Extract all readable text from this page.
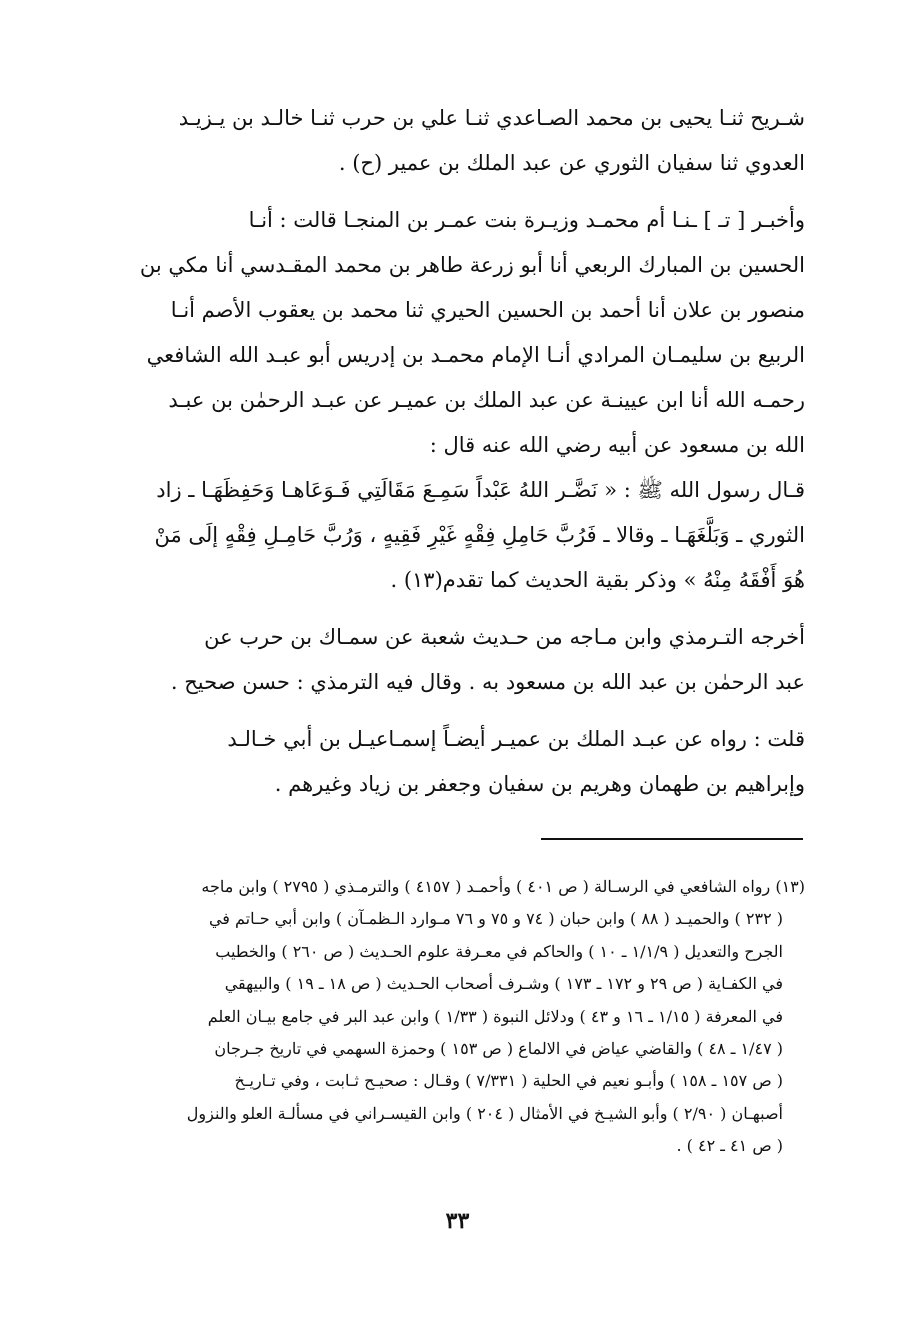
شـريح ثنـا يحيى بن محمد الصـاعدي ثنـا علي بن حرب ثنـا خالـد بن يـزيـد

العدوي ثنا سفيان الثوري عن عبد الملك بن عمير (ح) .

وأخبـر [ تـ ] ـنـا أم محمـد وزيـرة بنت عمـر بن المنجـا قالت : أنـا

الحسين بن المبارك الربعي أنا أبو زرعة طاهر بن محمد المقـدسي أنا مكي بن

منصور بن علان أنا أحمد بن الحسين الحيري ثنا محمد بن يعقوب الأصم أنـا

الربيع بن سليمـان المرادي أنـا الإمام محمـد بن إدريس أبو عبـد الله الشافعي

رحمـه الله أنا ابن عيينـة عن عبد الملك بن عميـر عن عبـد الرحمٰن بن عبـد

الله بن مسعود عن أبيه رضي الله عنه قال :

قـال رسول الله ﷺ : « نَضَّـر اللهُ عَبْداً سَمِـعَ مَقَالَتِي فَـوَعَاهـا وَحَفِظَهَـا ـ زاد

الثوري ـ وَبَلَّغَهَـا ـ وقالا ـ فَرُبَّ حَامِلِ فِقْهٍ غَيْرِ فَقِيهٍ ، وَرُبَّ حَامِـلِ فِقْهٍ إلَى مَنْ

هُوَ أَفْقَهُ مِنْهُ » وذكر بقية الحديث كما تقدم(١٣) .

أخرجه التـرمذي وابن مـاجه من حـديث شعبة عن سمـاك بن حرب عن

عبد الرحمٰن بن عبد الله بن مسعود به . وقال فيه الترمذي : حسن صحيح .

قلت : رواه عن عبـد الملك بن عميـر أيضـاً إسمـاعيـل بن أبي خـالـد

وإبراهيم بن طهمان وهريم بن سفيان وجعفر بن زياد وغيرهم .

(١٣) رواه الشافعي في الرسـالة ( ص ٤٠١ ) وأحمـد ( ٤١٥٧ ) والترمـذي ( ٢٧٩٥ ) وابن ماجه

( ٢٣٢ ) والحميـد ( ٨٨ ) وابن حبان ( ٧٤ و ٧٥ و ٧٦ مـوارد الـظمـآن ) وابن أبي حـاتم في

الجرح والتعديل ( ١/١/٩ ـ ١٠ ) والحاكم في معـرفة علوم الحـديث ( ص ٢٦٠ ) والخطيب

في الكفـاية ( ص ٢٩ و ١٧٢ ـ ١٧٣ ) وشـرف أصحاب الحـديث ( ص ١٨ ـ ١٩ ) والبيهقي

في المعرفة ( ١/١٥ ـ ١٦ و ٤٣ ) ودلائل النبوة ( ١/٣٣ ) وابن عبد البر في جامع بيـان العلم

( ١/٤٧ ـ ٤٨ ) والقاضي عياض في الالماع ( ص ١٥٣ ) وحمزة السهمي في تاريخ جـرجان

( ص ١٥٧ ـ ١٥٨ ) وأبـو نعيم في الحلية ( ٧/٣٣١ ) وقـال : صحيـح ثـابت ، وفي تـاريـخ

أصبهـان ( ٢/٩٠ ) وأبو الشيـخ في الأمثال ( ٢٠٤ ) وابن القيسـراني في مسألـة العلو والنزول

( ص ٤١ ـ ٤٢ ) .

٣٣
